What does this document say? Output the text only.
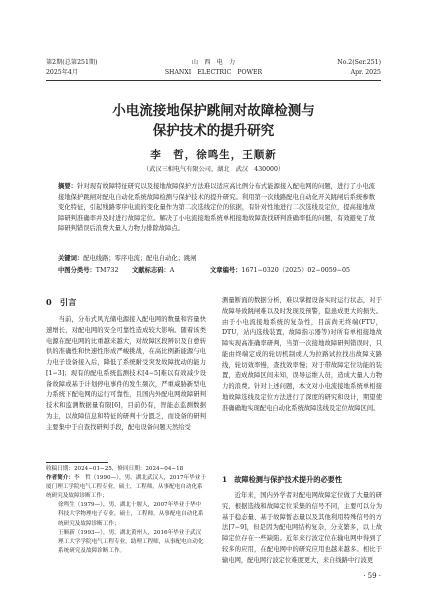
第2期(总第251期)
2025年4月
山　西　电　力
SHANXI　ELECTRIC　POWER
No.2(Ser.251)
Apr. 2025
小电流接地保护跳闸对故障检测与
保护技术的提升研究
李　哲，徐鸣生，王顺新
（武汉三相电气有限公司，湖北　武汉　430000）
摘要：针对现有故障特征研究以及接地故障保护方法难以适应高比例分布式能源接入配电网的问题，进行了小电流接地保护跳闸对配电自动化系统故障检测与保护技术的提升研究。利用第一次线路配电自动化开关跳闸后系统参数变化特征，引起残路零序电流的变化量作为第二次选线定位的依据，有针对性地进行二次选线及定位，提高接地故障研判准确率并及时进行故障定位。解决了小电流接地系统单相接地故障查找研判准确率低的问题，有效避免了故障研判错误后浪费大量人力物力排除故障点。
关键词：配电线路；零序电流；配电自动化；跳闸
中图分类号：TM732 文献标志码：A	文章编号：1671−0320（2025）02−0059−05
0　引言

当前，分布式风光储电源接入配电网的数量和容量快速增长，对配电网的安全可靠性造成较大影响。随着该类电源在配电网的比重越来越大，对故障区段辨识及自愈转供的准确性和快速性形成严峻挑战，在高比例新能源与电力电子设备接入后，降低了系统耐受突发故障扰动的能力[1−3]；现有的配电系统监测技术[4−5]难以有效减少设备故障或基于计划停电事件的发生频次，严重威胁新型电力系统下配电网的运行可靠性，且国内外配电网故障研判技术和监测数据量有限[6]，目前仍有，智能态监测数据为主，以故障信息和特征的研判十分匮乏，而设备的研判主要集中于自查找研判手段，配电设备问题天然给受

收稿日期：2024−01−25，修回日期：2024−04−18
作者简介：李　哲（1990—），男，湖北武汉人，2017年毕业于厦门理工学院电气工程专业，硕士，工程师，从事配电自动化系统研究及故障诊断工作；
徐鸣生（1979—），男，湖北十堰人，2007年毕业于华中科技大学物理电子专业，硕士，工程师，从事配电自动化系统研究及故障诊断工作；
王顺新（1993—），男，湖北黄州人，2016年毕业于武汉理工大学学院电气工程专业，助理工程师，从事配电自动化系统研究及故障诊断工作。

测量断面的数据分析，难以掌握设备实时运行状态，对于故障导致跳闸难以及时发现及预警，隐患成更大的损失。由于小电流接地系统的复杂性，目前尚无终端(FTU，DTU，站内选线装置，故障指示器等)对所有单相接地故障实现高准确率研判，当第一次接地故障研判错误时，只能由终端定成的轮切机制或人为拉路试拉找出故障支路线，轮切效率慢，查找效率慢；对于带故障定位功能的装置，造成故障区间未知，误导运维人员，造成大量人力物力的浪费。针对上述问题，本文对小电流接地系统单相接地故障选线及定位方法进行了深度的研究和设计，期望使准确确地实现配电自动化系统故障选线及定位故障区间。

1　故障检测与保护技术提升的必要性

近年来，国内外学者对配电网故障定位做了大量的研究，根据选线和故障定位采集的信号不同，主要可以分为基于稳态量、基于故障暂态量以及其他利用特殊信号的方法[7−9]，但是因为配电网结构复杂，分支繁多，以上故障定位存在一些缺陷。近年来行波定位在输电网中得到了较多的应用，在配电网中的研究应用也越来越多。相比于输电网，配电网行波定位难度更大，来自线路中行波更

· 59 ·
